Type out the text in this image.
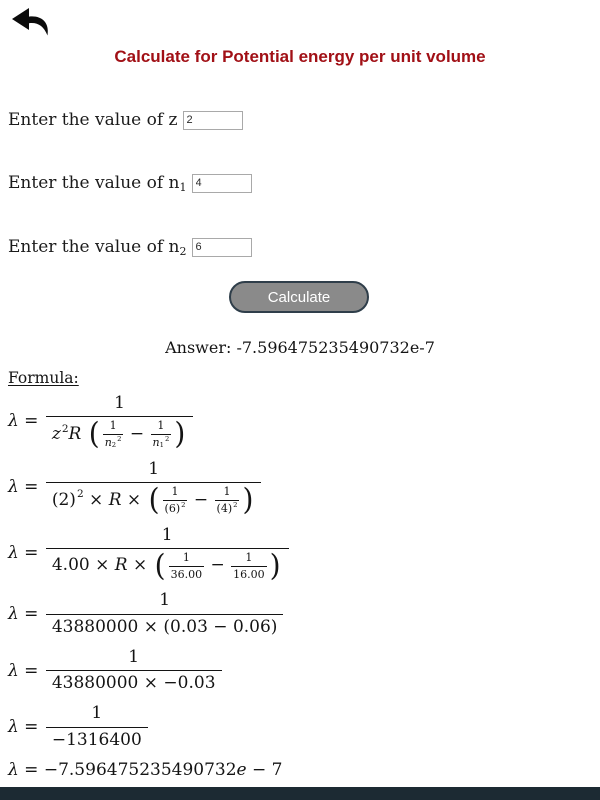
Calculate for Potential energy per unit volume
Enter the value of z
2
Enter the value of n1
4
Enter the value of n2
6
Calculate
Answer: -7.596475235490732e-7
Formula:
λ = 1
z 2 R
( 1
n 2
2 − 1
n 1
2 )
$\lambda = \frac{1}{(2) 2 \times R \times ( \frac{1}{(6) 2} - \frac{1}{(4) 2} )}$
$\lambda = \frac{1}{4.00 \times R \times ( \frac{1}{36.00} - \frac{1}{16.00} )}$
$\lambda = \frac{1}{43880000 \times (0.03 - 0.06)}$
$\lambda = \frac{1}{43880000 \times -0.03}$
$\lambda = \frac{1}{-1316400}$
λ = −7.596475235490732 e − 7
